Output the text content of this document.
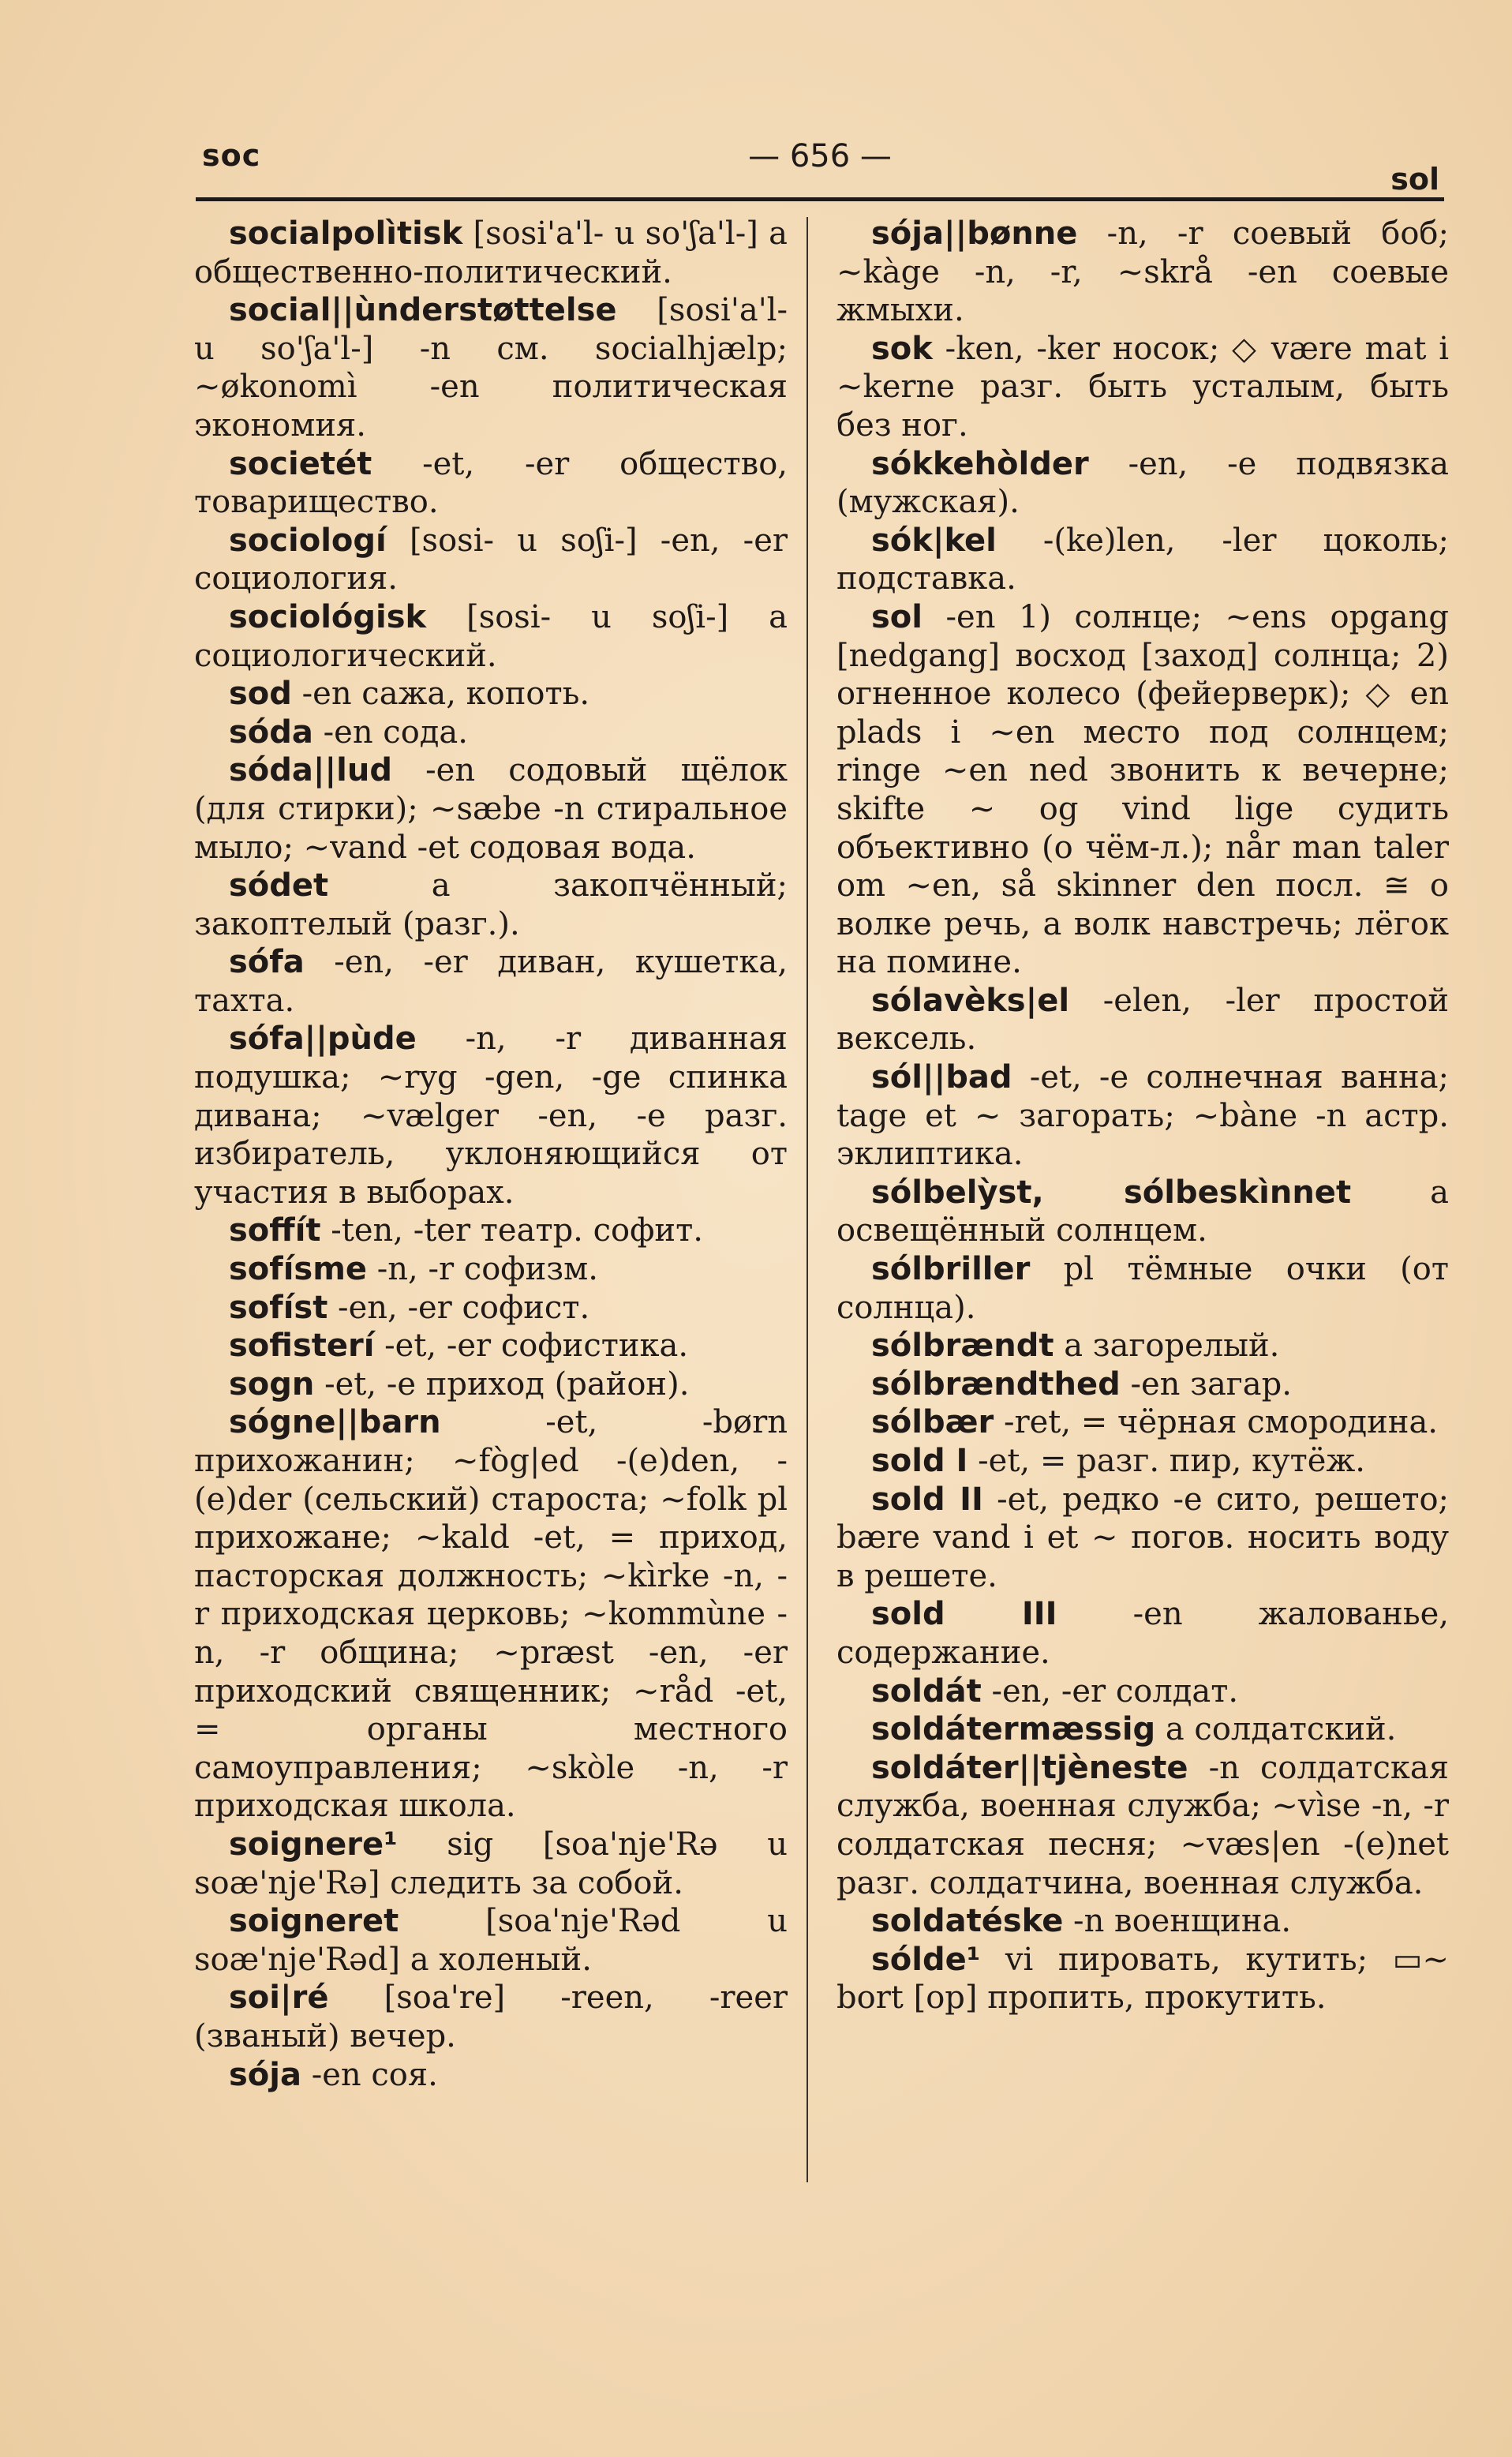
soc	— 656 —
sol

socialpolìtisk [sosi'a'l- u so'ʃa'l-] a общественно-политический.

social||ùnderstøttelse [sosi'a'l- u so'ʃa'l-] -n см. socialhjælp; ~økonomì -en политическая экономия.

societét -et, -er общество, товарищество.

sociologí [sosi- u soʃi-] -en, -er социология.

sociológisk [sosi- u soʃi-] a социологический.

sod -en сажа, копоть.

sóda -en сода.

sóda||lud -en содовый щёлок (для стирки); ~sæbe -n стиральное мыло; ~vand -et содовая вода.

sódet a закопчённый; закоптелый (разг.).

sófa -en, -er диван, кушетка, тахта.

sófa||pùde -n, -r диванная подушка; ~ryg -gen, -ge спинка дивана; ~vælger -en, -e разг. избиратель, уклоняющийся от участия в выборах.

soffít -ten, -ter театр. софит.

sofísme -n, -r софизм.

sofíst -en, -er софист.

sofisterí -et, -er софистика.

sogn -et, -e приход (район).

sógne||barn -et, -børn прихожанин; ~fòg|ed -(e)den, -(e)der (сельский) староста; ~folk pl прихожане; ~kald -et, = приход, пасторская должность; ~kìrke -n, -r приходская церковь; ~kommùne -n, -r община; ~præst -en, -er приходский священник; ~råd -et, = органы местного самоуправления; ~skòle -n, -r приходская школа.

soignere¹ sig [soa'nje'Rə u soæ'nje'Rə] следить за собой.

soigneret [soa'nje'Rəd u soæ'nje'Rəd] a холеный.

soi|ré [soa're] -reen, -reer (званый) вечер.

sója -en соя.

sója||bønne -n, -r соевый боб; ~kàge -n, -r, ~skrå -en соевые жмыхи.

sok -ken, -ker носок; ◇ være mat i ~kerne разг. быть усталым, быть без ног.

sókkehòlder -en, -e подвязка (мужская).

sók|kel -(ke)len, -ler цоколь; подставка.

sol -en 1) солнце; ~ens opgang [nedgang] восход [заход] солнца; 2) огненное колесо (фейерверк); ◇ en plads i ~en место под солнцем; ringe ~en ned звонить к вечерне; skifte ~ og vind lige судить объективно (о чём-л.); når man taler om ~en, så skinner den посл. ≅ о волке речь, а волк навстречь; лёгок на помине.

sólavèks|el -elen, -ler простой вексель.

sól||bad -et, -e солнечная ванна; tage et ~ загорать; ~bàne -n астр. эклиптика.

sólbelỳst, sólbeskìnnet a освещённый солнцем.

sólbriller pl тёмные очки (от солнца).

sólbrændt a загорелый.

sólbrændthed -en загар.

sólbær -ret, = чёрная смородина.

sold I -et, = разг. пир, кутёж.

sold II -et, редко -e сито, решето; bære vand i et ~ погов. носить воду в решете.

sold III -en жалованье, содержание.

soldát -en, -er солдат.

soldátermæssig a солдатский.

soldáter||tjèneste -n солдатская служба, военная служба; ~vìse -n, -r солдатская песня; ~væs|en -(e)net разг. солдатчина, военная служба.

soldatéske -n военщина.

sólde¹ vi пировать, кутить; ▭~ bort [op] пропить, прокутить.
